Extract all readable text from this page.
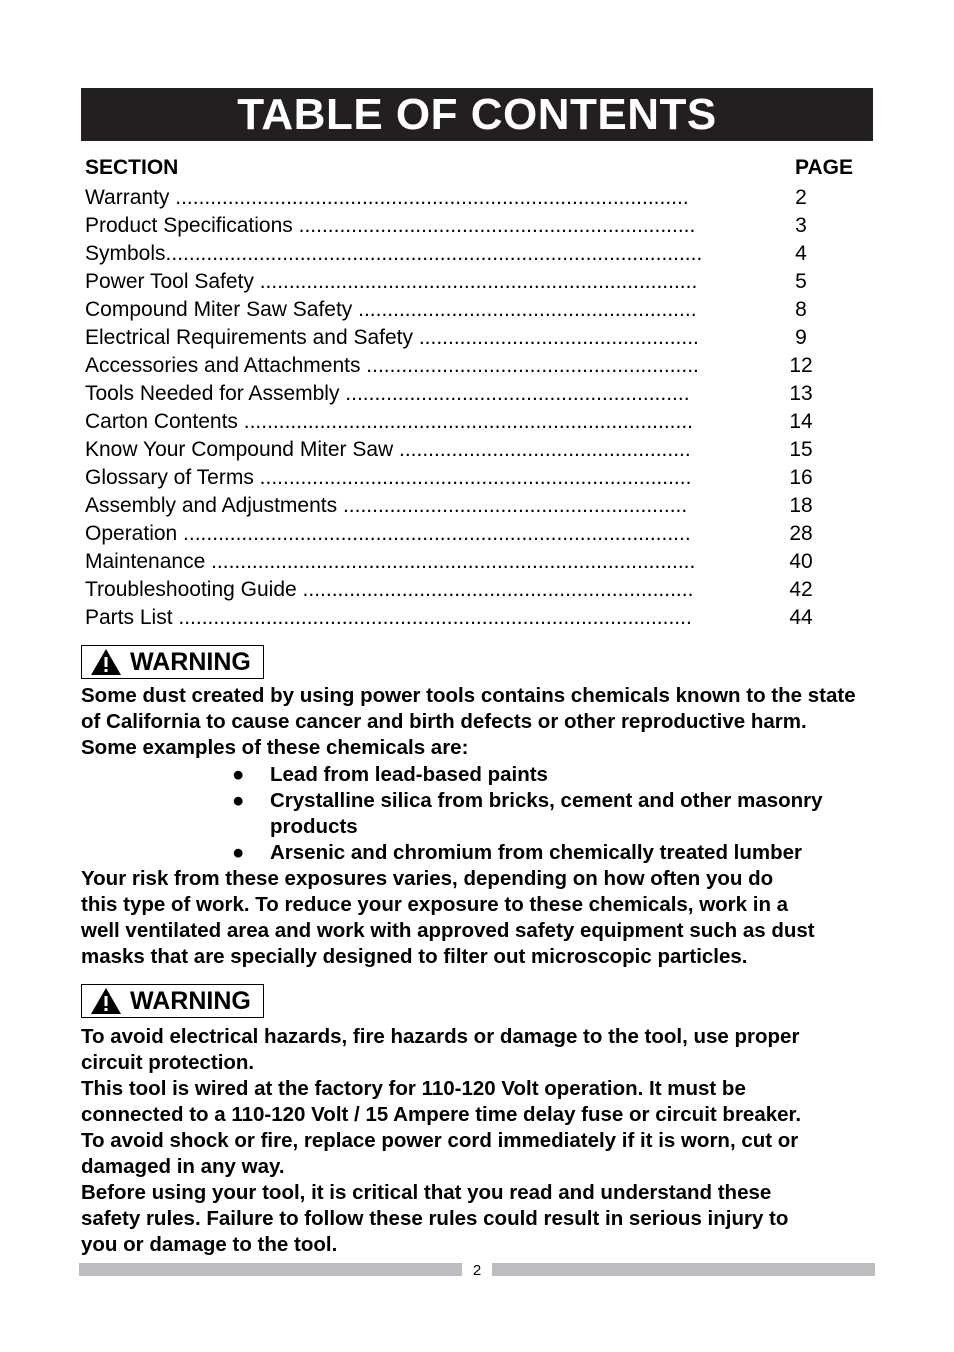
TABLE OF CONTENTS
SECTION	PAGE
Warranty ........................................................................................	2
Product Specifications ....................................................................	3
Symbols............................................................................................	4
Power Tool Safety ...........................................................................	5
Compound Miter Saw Safety ..........................................................	8
Electrical Requirements and Safety ................................................	9
Accessories and Attachments .........................................................	12
Tools Needed for Assembly ...........................................................	13
Carton Contents .............................................................................	14
Know Your Compound Miter Saw ..................................................	15
Glossary of Terms ..........................................................................	16
Assembly and Adjustments ...........................................................	18
Operation .......................................................................................	28
Maintenance ...................................................................................	40
Troubleshooting Guide ...................................................................	42
Parts List ........................................................................................	44
WARNING
Some dust created by using power tools contains chemicals known to the state
of California to cause cancer and birth defects or other reproductive harm.
Some examples of these chemicals are:
● Lead from lead-based paints
● Crystalline silica from bricks, cement and other masonry products
● Arsenic and chromium from chemically treated lumber
Your risk from these exposures varies, depending on how often you do
this type of work. To reduce your exposure to these chemicals, work in a
well ventilated area and work with approved safety equipment such as dust
masks that are specially designed to filter out microscopic particles.
WARNING
To avoid electrical hazards, fire hazards or damage to the tool, use proper
circuit protection.
This tool is wired at the factory for 110-120 Volt operation. It must be
connected to a 110-120 Volt / 15 Ampere time delay fuse or circuit breaker.
To avoid shock or fire, replace power cord immediately if it is worn, cut or
damaged in any way.
Before using your tool, it is critical that you read and understand these
safety rules. Failure to follow these rules could result in serious injury to
you or damage to the tool.
2
